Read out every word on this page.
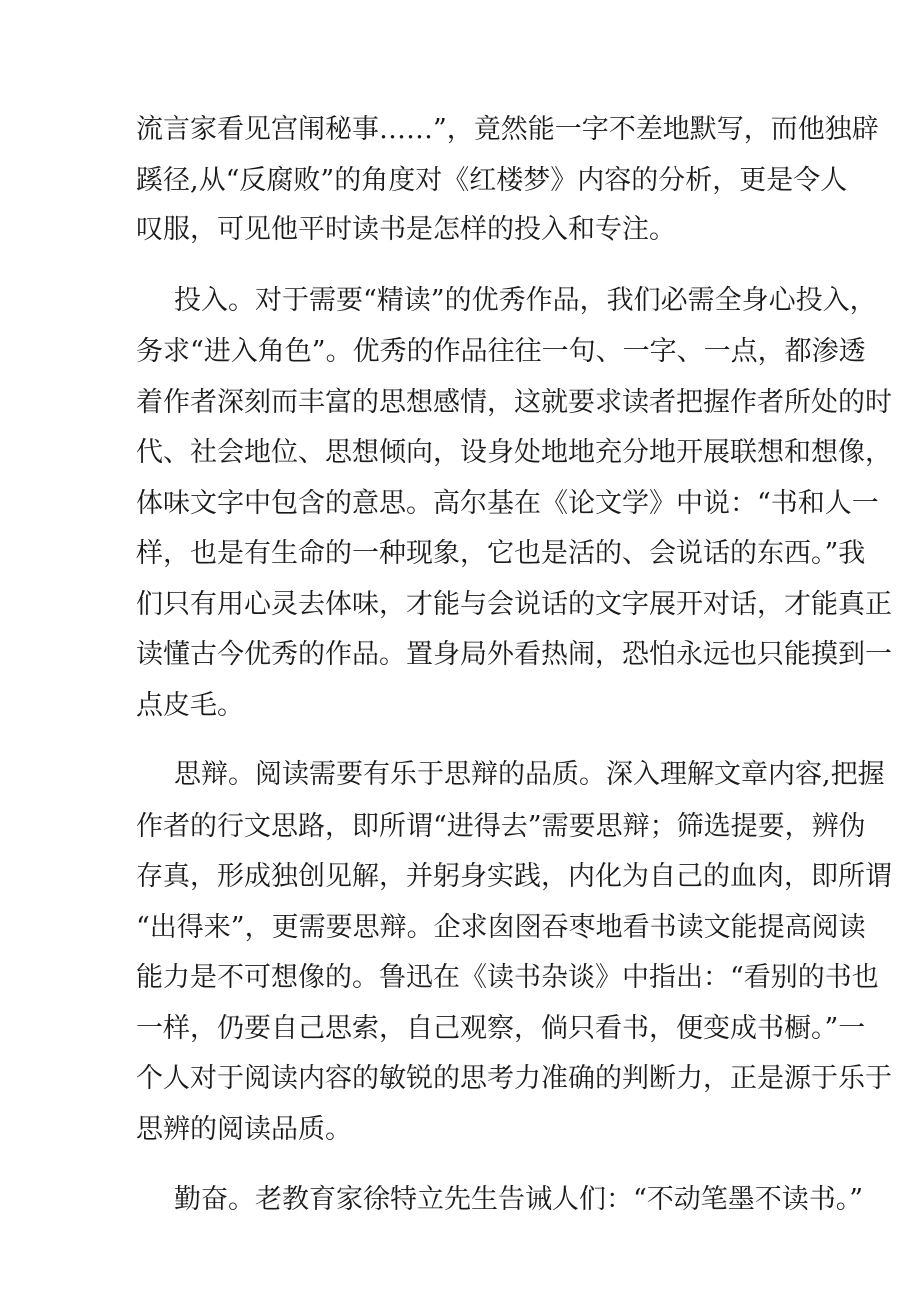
流言家看见宫闱秘事……”，竟然能一字不差地默写，而他独辟
蹊径,从“反腐败”的角度对《红楼梦》内容的分析，更是令人
叹服，可见他平时读书是怎样的投入和专注。
投入。对于需要“精读”的优秀作品，我们必需全身心投入，
务求“进入角色”。优秀的作品往往一句、一字、一点，都渗透
着作者深刻而丰富的思想感情，这就要求读者把握作者所处的时
代、社会地位、思想倾向，设身处地地充分地开展联想和想像，
体味文字中包含的意思。高尔基在《论文学》中说：“书和人一
样，也是有生命的一种现象，它也是活的、会说话的东西。”我
们只有用心灵去体味，才能与会说话的文字展开对话，才能真正
读懂古今优秀的作品。置身局外看热闹，恐怕永远也只能摸到一
点皮毛。
思辩。阅读需要有乐于思辩的品质。深入理解文章内容,把握
作者的行文思路，即所谓“进得去”需要思辩；筛选提要，辨伪
存真，形成独创见解，并躬身实践，内化为自己的血肉，即所谓
“出得来”，更需要思辩。企求囱囹吞枣地看书读文能提高阅读
能力是不可想像的。鲁迅在《读书杂谈》中指出：“看别的书也
一样，仍要自己思索，自己观察，倘只看书，便变成书橱。”一
个人对于阅读内容的敏锐的思考力准确的判断力，正是源于乐于
思辨的阅读品质。
勤奋。老教育家徐特立先生告诫人们：“不动笔墨不读书。”
